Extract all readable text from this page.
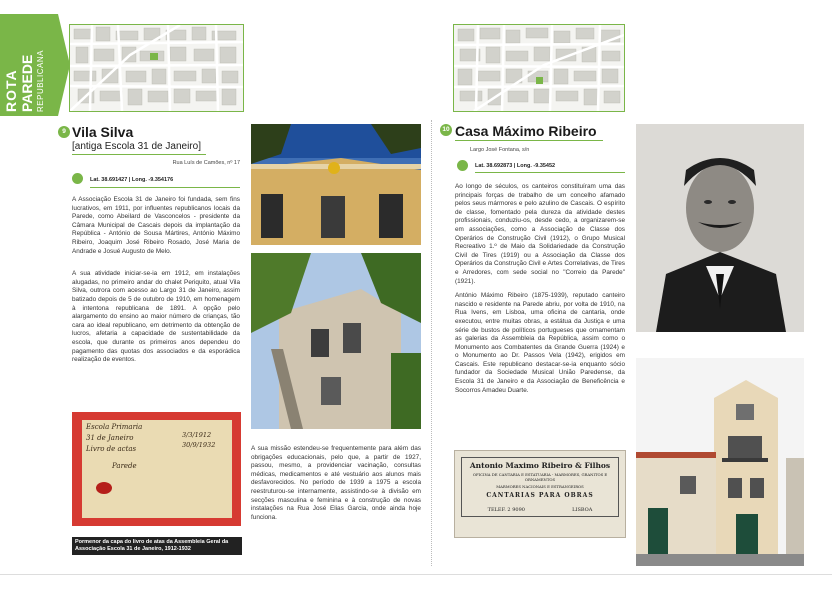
ROTA PAREDE REPUBLICANA
9 Vila Silva
[antiga Escola 31 de Janeiro]
Rua Luís de Camões, nº 17
Lat. 38.691427 | Long. -9.354176

A Associação Escola 31 de Janeiro foi fundada, sem fins lucrativos, em 1911, por influentes republicanos locais da Parede, como Abeilard de Vasconcelos - presidente da Câmara Municipal de Cascais depois da implantação da República - António de Sousa Mártires, António Máximo Ribeiro, Joaquim José Ribeiro Rosado, José Maria de Andrade e Josué Augusto de Melo.

A sua atividade iniciar-se-ia em 1912, em instalações alugadas, no primeiro andar do chalet Periquito, atual Vila Silva, outrora com acesso ao Largo 31 de Janeiro, assim batizado depois de 5 de outubro de 1910, em homenagem à intentona republicana de 1891. A opção pelo alargamento do ensino ao maior número de crianças, tão cara ao ideal republicano, em detrimento da obtenção de lucros, afetaria a capacidade de sustentabilidade da escola, que durante os primeiros anos dependeu do pagamento das quotas dos associados e da esporádica realização de eventos.

Escola Primaria
31 de Janeiro
Livro de actas
Parede
3/3/1912
30/9/1932
Pormenor da capa do livro de atas da Assembleia Geral da Associação Escola 31 de Janeiro, 1912-1932

A sua missão estendeu-se frequentemente para além das obrigações educacionais, pelo que, a partir de 1927, passou, mesmo, a providenciar vacinação, consultas médicas, medicamentos e até vestuário aos alunos mais desfavorecidos. No período de 1939 a 1975 a escola reestruturou-se internamente, assistindo-se à divisão em secções masculina e feminina e à construção de novas instalações na Rua José Elias Garcia, onde ainda hoje funciona.

10 Casa Máximo Ribeiro
Largo José Fontana, s/n
Lat. 38.692873 | Long. -9.35452

Ao longo de séculos, os canteiros constituíram uma das principais forças de trabalho de um concelho afamado pelos seus mármores e pelo azulino de Cascais. O espírito de classe, fomentado pela dureza da atividade destes profissionais, conduziu-os, desde cedo, a organizarem-se em associações, como a Associação de Classe dos Operários de Construção Civil (1912), o Grupo Musical Recreativo 1.º de Maio da Solidariedade da Construção Civil de Tires (1919) ou a Associação da Classe dos Operários da Construção Civil e Artes Correlativas, de Tires e Arredores, com sede social no "Correio da Parede" (1921).

António Máximo Ribeiro (1875-1939), reputado canteiro nascido e residente na Parede abriu, por volta de 1910, na Rua Ivens, em Lisboa, uma oficina de cantaria, onde executou, entre muitas obras, a estátua da Justiça e uma série de bustos de políticos portugueses que ornamentam as galerias da Assembleia da República, assim como o Monumento aos Combatentes da Grande Guerra (1924) e o Monumento ao Dr. Passos Vela (1942), erigidos em Cascais. Este republicano destacar-se-ia enquanto sócio fundador da Sociedade Musical União Paredense, da Escola 31 de Janeiro e da Associação de Beneficência e Socorros Amadeu Duarte.

Antonio Maximo Ribeiro & Filhos
OFICINA DE CANTARIA E ESTATUARIA - MARMORES, GRANITOS E ORNAMENTOS
MARMORES NACIONAIS E ESTRANGEIROS
CANTARIAS PARA OBRAS
TELEF. 2 9090	LISBOA
